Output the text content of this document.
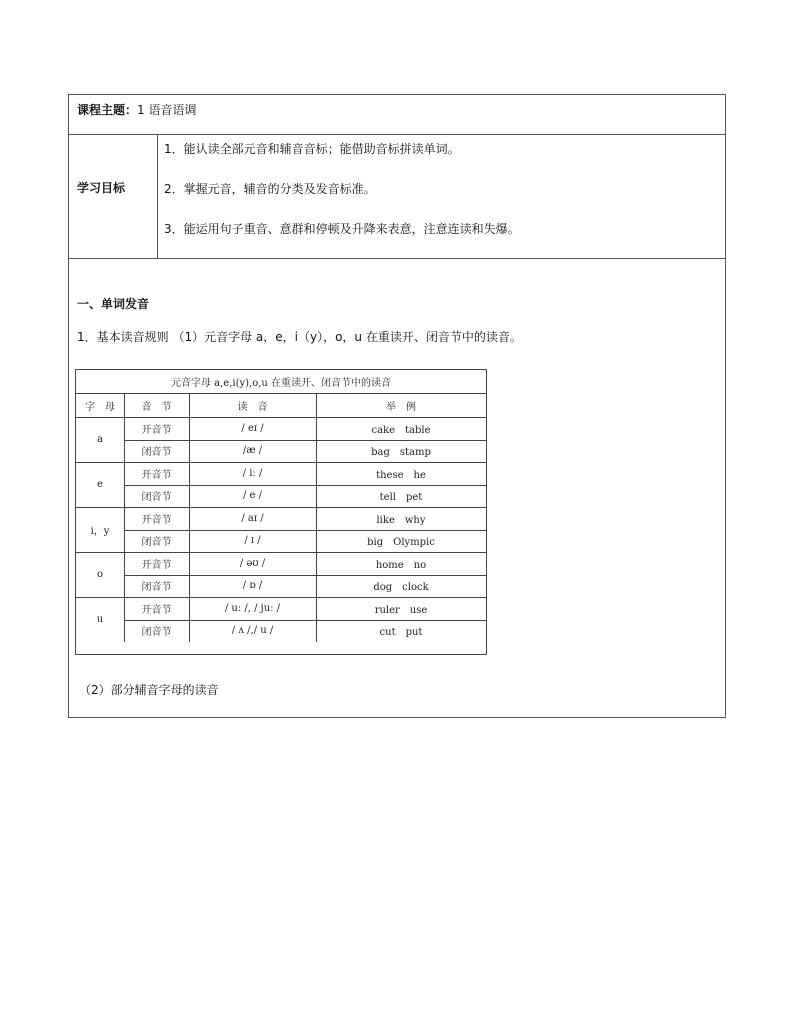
课程主题：1 语音语调
学习目标
1．能认读全部元音和辅音音标；能借助音标拼读单词。
2．掌握元音，辅音的分类及发音标准。
3．能运用句子重音、意群和停顿及升降来表意，注意连读和失爆。
一、单词发音
1．基本读音规则 （1）元音字母 a，e，i（y），o，u 在重读开、闭音节中的读音。
（2）部分辅音字母的读音
元音字母 a,e,i(y),o,u 在重读开、闭音节中的读音
字　母	音　节	读　音	举　例
a
开音节	/ eɪ /	cake　table
闭音节	/æ /	bag　stamp
e
开音节	/ iː /	these　he
闭音节	/ e /	tell　pet
i，y
开音节	/ aɪ /	like　why
闭音节	/ ɪ /	big　Olympic
o
开音节	/ əʊ /	home　no
闭音节	/ ɒ /	dog　clock
u
开音节	/ uː /, / juː /	ruler　use
闭音节	/ ʌ /,/ u /	cut　put
